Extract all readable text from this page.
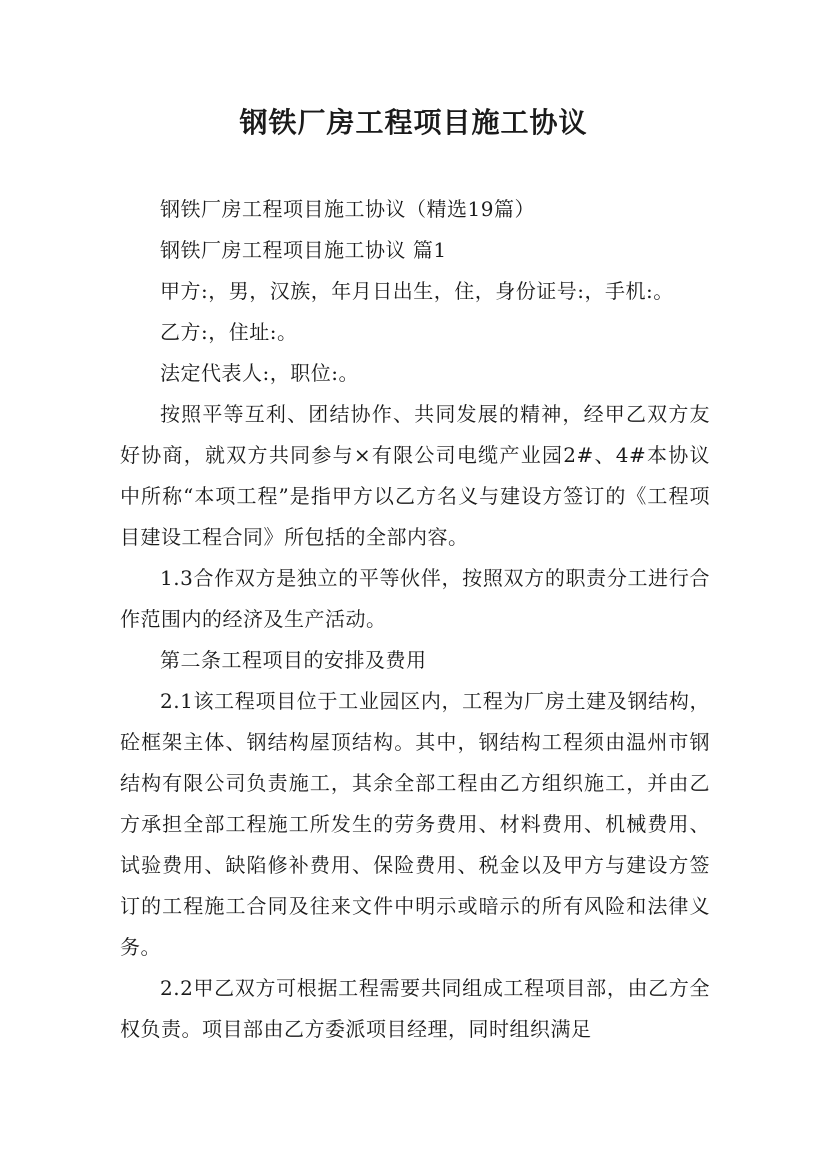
钢铁厂房工程项目施工协议

钢铁厂房工程项目施工协议（精选19篇）

钢铁厂房工程项目施工协议 篇1

甲方:，男，汉族，年月日出生，住，身份证号:，手机:。

乙方:，住址:。

法定代表人:，职位:。

按照平等互利、团结协作、共同发展的精神，经甲乙双方友好协商，就双方共同参与×有限公司电缆产业园2#、4#本协议中所称“本项工程”是指甲方以乙方名义与建设方签订的《工程项目建设工程合同》所包括的全部内容。

1.3合作双方是独立的平等伙伴，按照双方的职责分工进行合作范围内的经济及生产活动。

第二条工程项目的安排及费用

2.1该工程项目位于工业园区内，工程为厂房土建及钢结构，砼框架主体、钢结构屋顶结构。其中，钢结构工程须由温州市钢结构有限公司负责施工，其余全部工程由乙方组织施工，并由乙方承担全部工程施工所发生的劳务费用、材料费用、机械费用、试验费用、缺陷修补费用、保险费用、税金以及甲方与建设方签订的工程施工合同及往来文件中明示或暗示的所有风险和法律义务。

2.2甲乙双方可根据工程需要共同组成工程项目部，由乙方全权负责。项目部由乙方委派项目经理，同时组织满足
